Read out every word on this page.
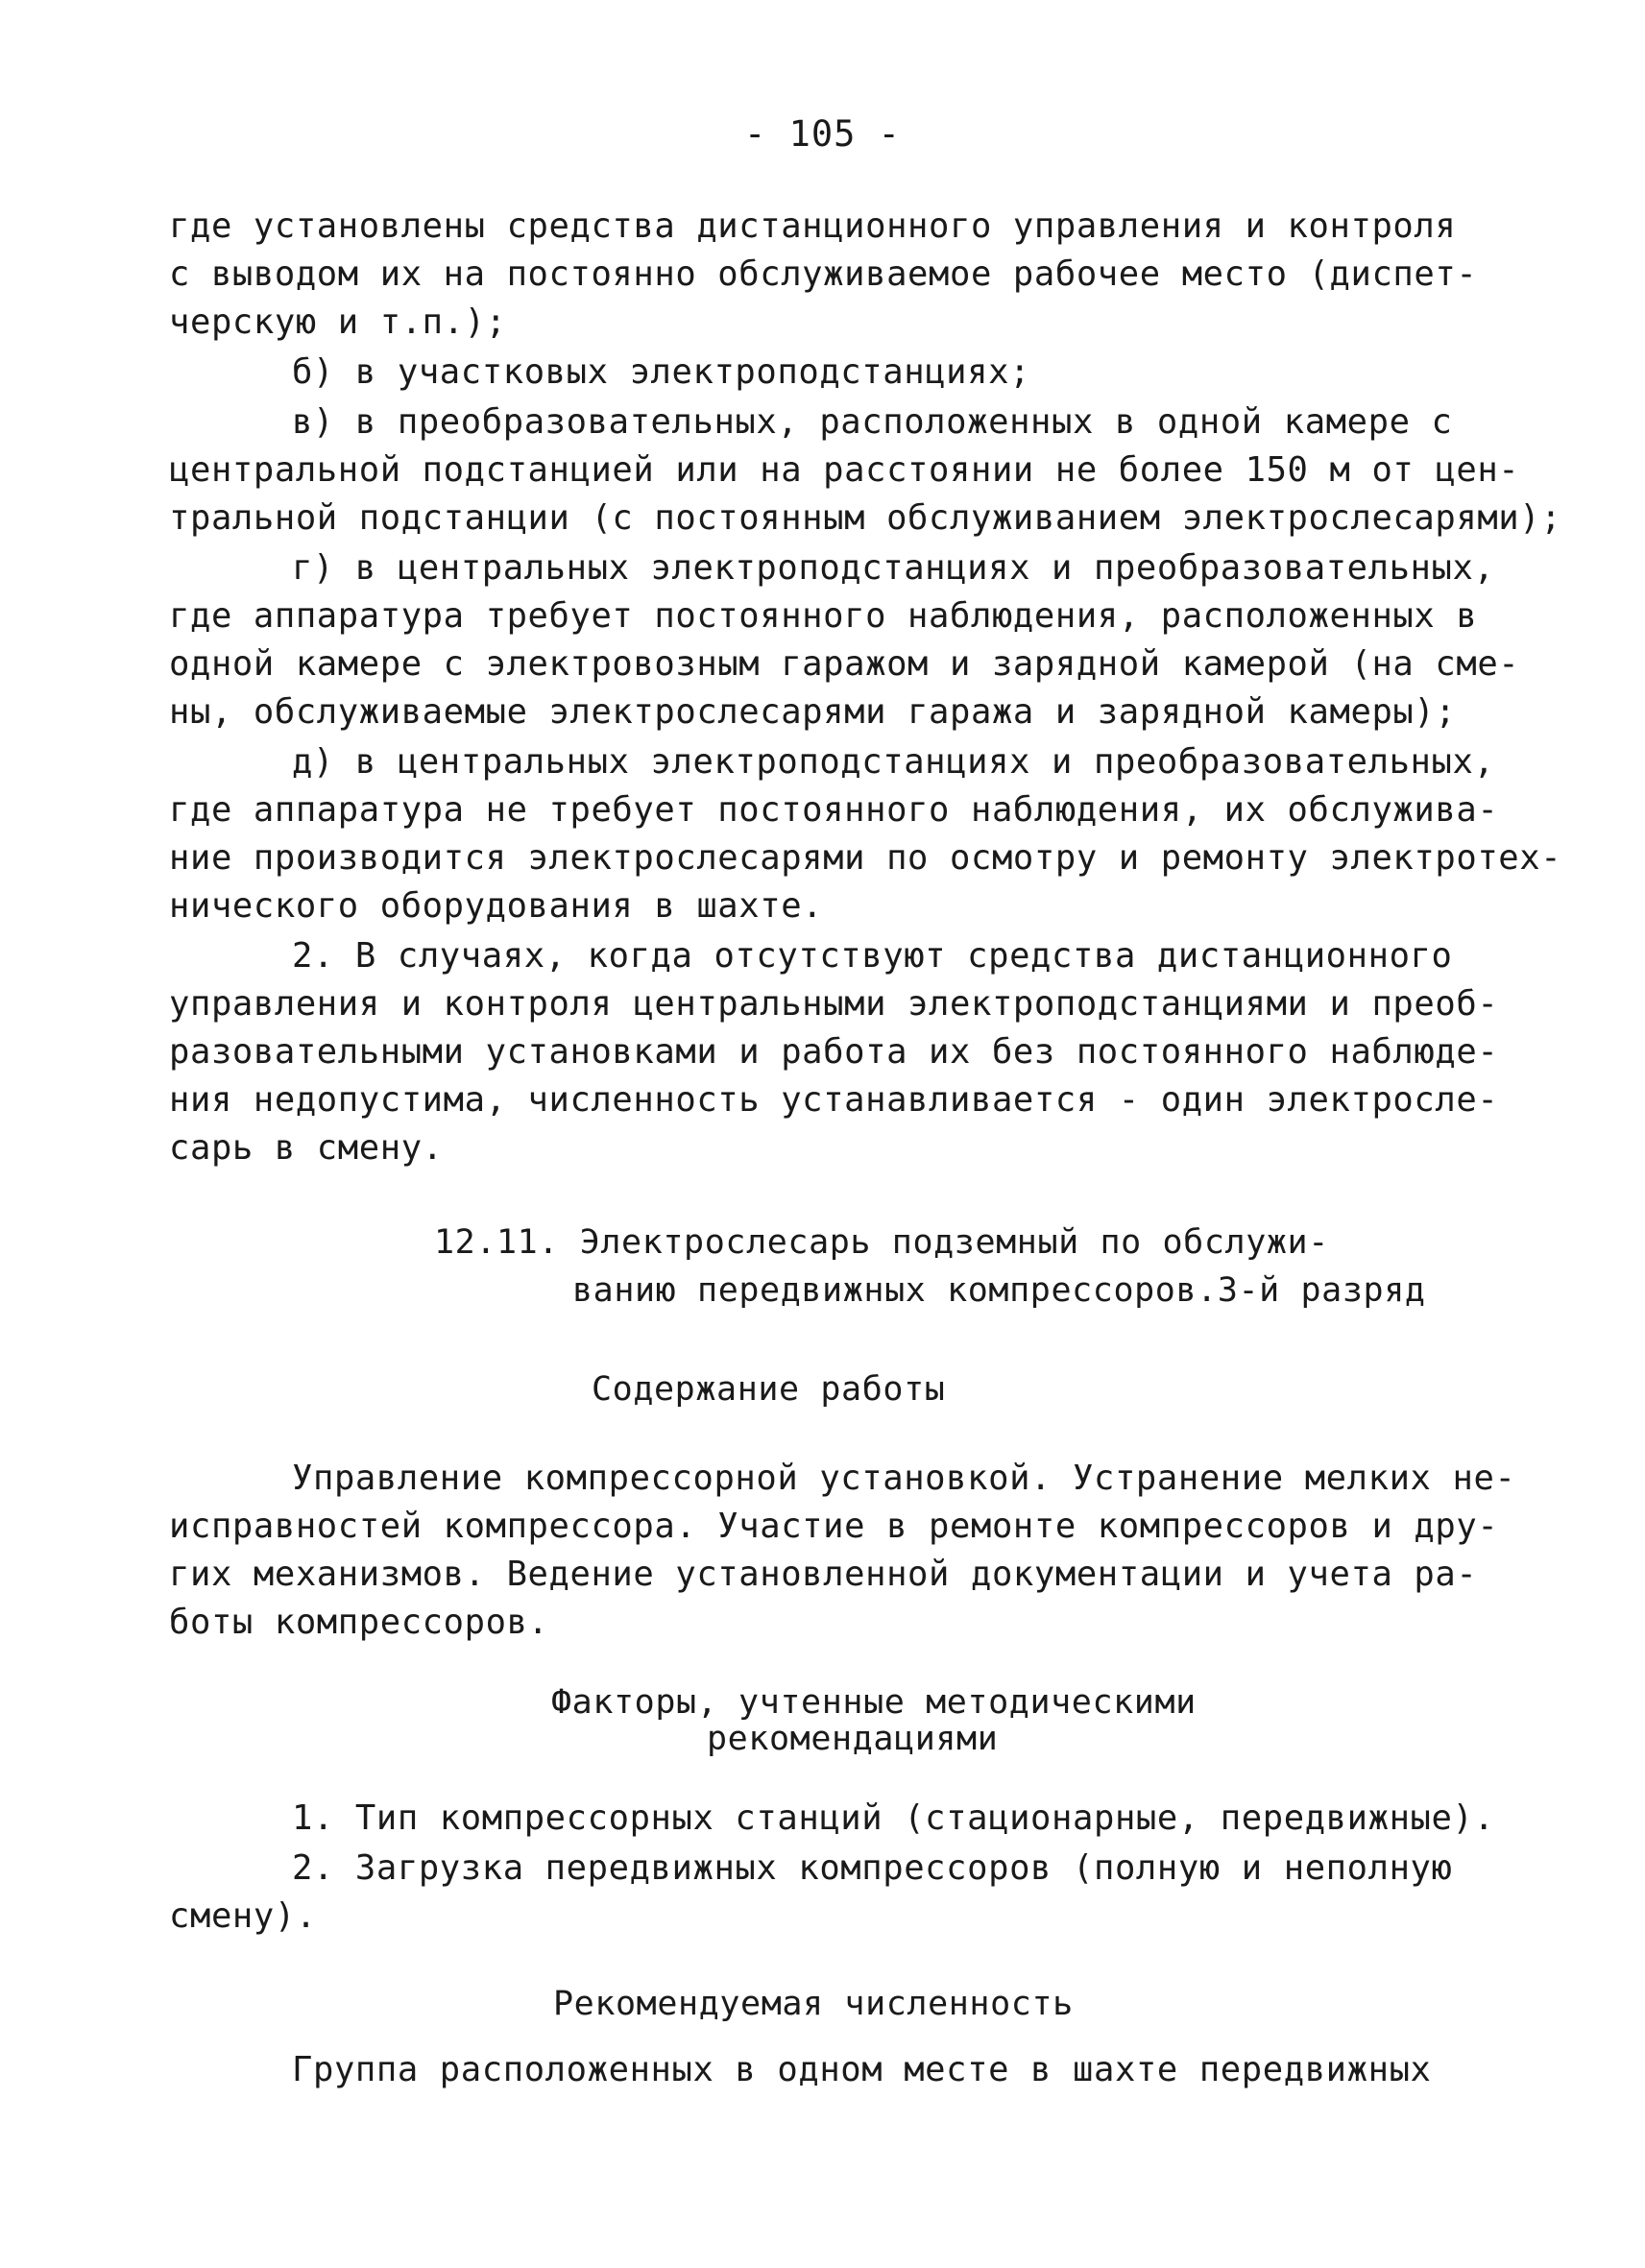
- 105 -
где установлены средства дистанционного управления и контроля
с выводом их на постоянно обслуживаемое рабочее место (диспет-
черскую и т.п.);
б) в участковых электроподстанциях;
в) в преобразовательных, расположенных в одной камере с
центральной подстанцией или на расстоянии не более 150 м от цен-
тральной подстанции (с постоянным обслуживанием электрослесарями);
г) в центральных электроподстанциях и преобразовательных,
где аппаратура требует постоянного наблюдения, расположенных в
одной камере с электровозным гаражом и зарядной камерой (на сме-
ны, обслуживаемые электрослесарями гаража и зарядной камеры);
д) в центральных электроподстанциях и преобразовательных,
где аппаратура не требует постоянного наблюдения, их обслужива-
ние производится электрослесарями по осмотру и ремонту электротех-
нического оборудования в шахте.
2. В случаях, когда отсутствуют средства дистанционного
управления и контроля центральными электроподстанциями и преоб-
разовательными установками и работа их без постоянного наблюде-
ния недопустима, численность устанавливается - один электросле-
сарь в смену.
12.11. Электрослесарь подземный по обслужи-
ванию передвижных компрессоров.3-й разряд
Содержание работы
Управление компрессорной установкой. Устранение мелких не-
исправностей компрессора. Участие в ремонте компрессоров и дру-
гих механизмов. Ведение установленной документации и учета ра-
боты компрессоров.
Факторы, учтенные методическими
рекомендациями
1. Тип компрессорных станций (стационарные, передвижные).
2. Загрузка передвижных компрессоров (полную и неполную
смену).
Рекомендуемая численность
Группа расположенных в одном месте в шахте передвижных
